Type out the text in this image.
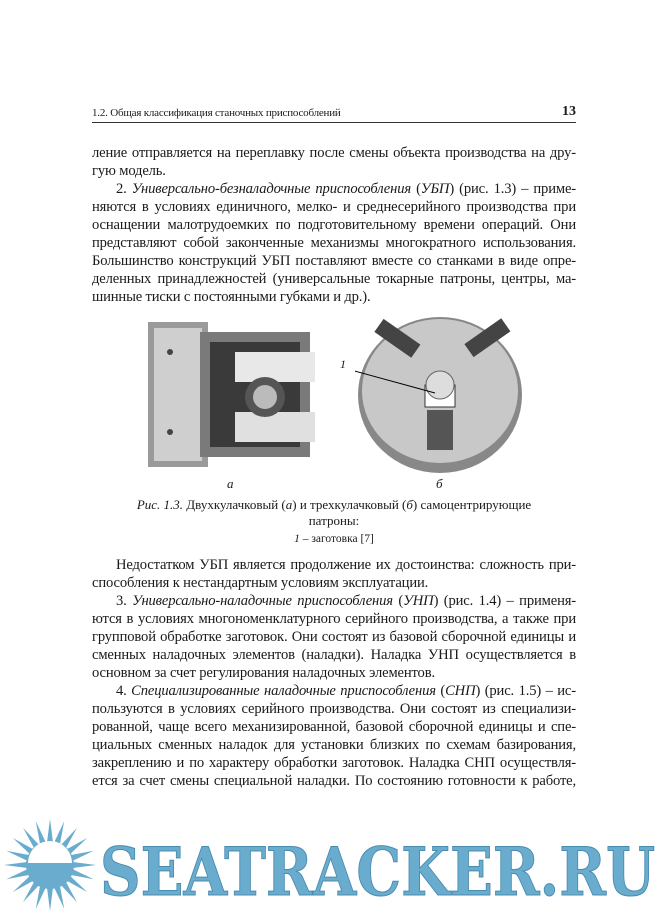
1.2. Общая классификация станочных приспособлений	13
ление отправляется на переплавку после смены объекта производства на дру-
гую модель.
2. Универсально-безналадочные приспособления (УБП) (рис. 1.3) – приме-
няются в условиях единичного, мелко- и среднесерийного производства при
оснащении малотрудоемких по подготовительному времени операций. Они
представляют собой законченные механизмы многократного использования.
Большинство конструкций УБП поставляют вместе со станками в виде опре-
деленных принадлежностей (универсальные токарные патроны, центры, ма-
шинные тиски с постоянными губками и др.).
1
а	б
Рис. 1.3. Двухкулачковый (а) и трехкулачковый (б) самоцентрирующие
патроны:
1 – заготовка [7]
Недостатком УБП является продолжение их достоинства: сложность при-
способления к нестандартным условиям эксплуатации.
3. Универсально-наладочные приспособления (УНП) (рис. 1.4) – применя-
ются в условиях многономенклатурного серийного производства, а также при
групповой обработке заготовок. Они состоят из базовой сборочной единицы и
сменных наладочных элементов (наладки). Наладка УНП осуществляется в
основном за счет регулирования наладочных элементов.
4. Специализированные наладочные приспособления (СНП) (рис. 1.5) – ис-
пользуются в условиях серийного производства. Они состоят из специализи-
рованной, чаще всего механизированной, базовой сборочной единицы и спе-
циальных сменных наладок для установки близких по схемам базирования,
закреплению и по характеру обработки заготовок. Наладка СНП осуществля-
ется за счет смены специальной наладки. По состоянию готовности к работе,
SEATRACKER.RU
